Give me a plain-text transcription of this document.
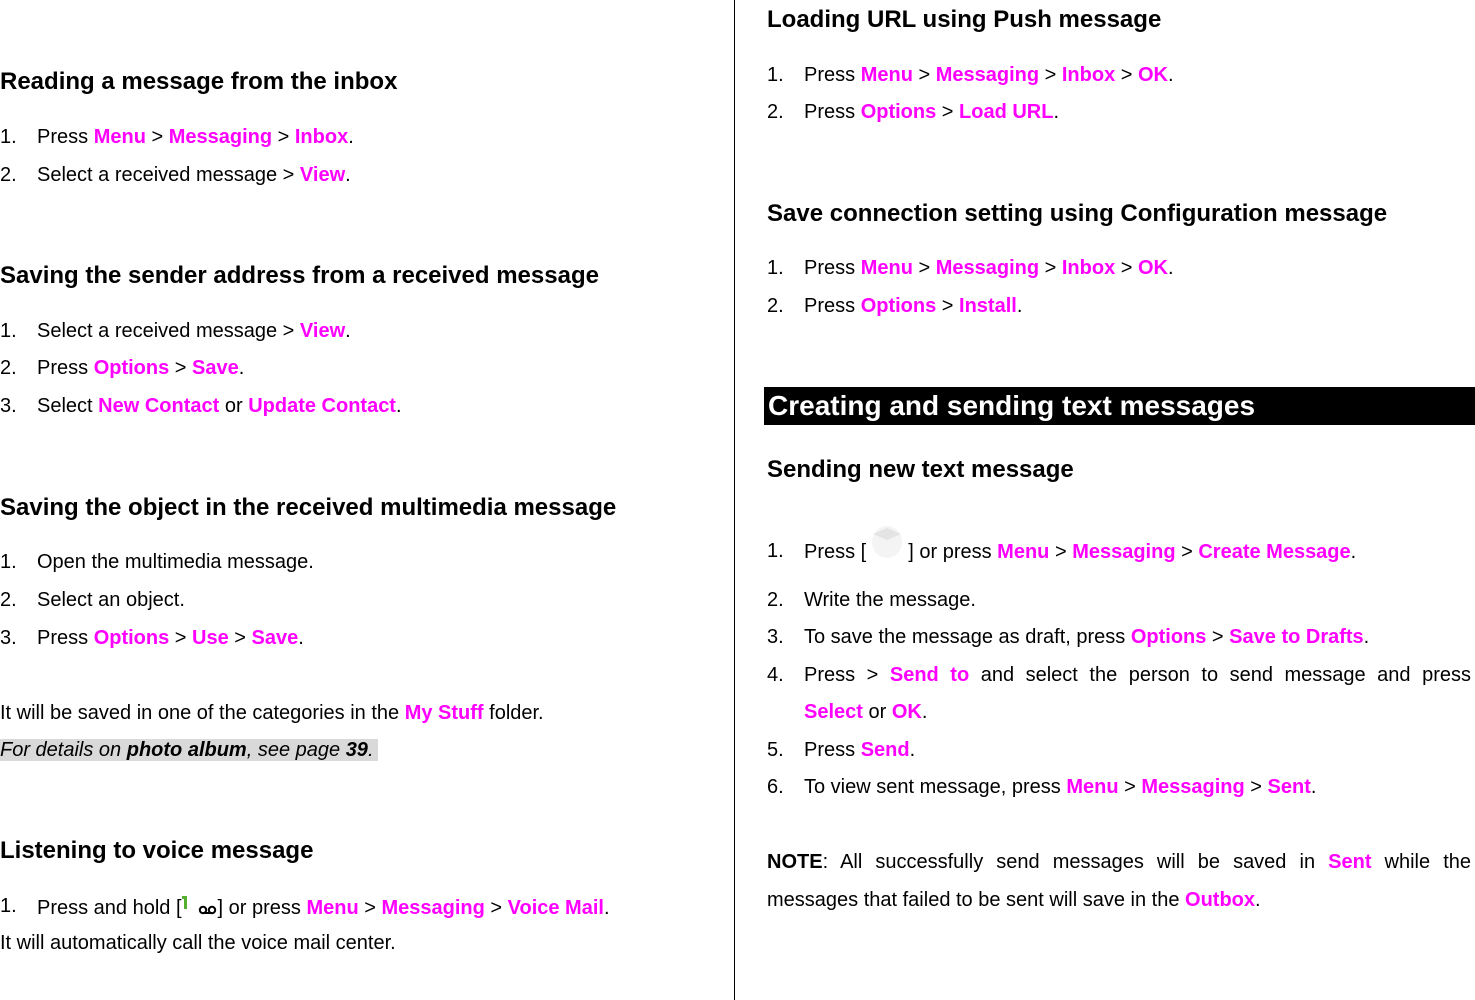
Reading a message from the inbox
1. Press Menu > Messaging > Inbox.
2. Select a received message > View.
Saving the sender address from a received message
1. Select a received message > View.
2. Press Options > Save.
3. Select New Contact or Update Contact.
Saving the object in the received multimedia message
1. Open the multimedia message.
2. Select an object.
3. Press Options > Use > Save.
It will be saved in one of the categories in the My Stuff folder.
For details on photo album, see page 39.
Listening to voice message
1. Press and hold [ ] or press Menu > Messaging > Voice Mail.
It will automatically call the voice mail center.
Loading URL using Push message
1. Press Menu > Messaging > Inbox > OK.
2. Press Options > Load URL.
Save connection setting using Configuration message
1. Press Menu > Messaging > Inbox > OK.
2. Press Options > Install.
Sending new text message
1. Press [ ] or press Menu > Messaging > Create Message.
2. Write the message.
3. To save the message as draft, press Options > Save to Drafts.
4. Press > Send to and select the person to send message and press
Select or OK.
5. Press Send.
6. To view sent message, press Menu > Messaging > Sent.
NOTE: All successfully send messages will be saved in Sent while the
messages that failed to be sent will save in the Outbox.
Creating and sending text messages
